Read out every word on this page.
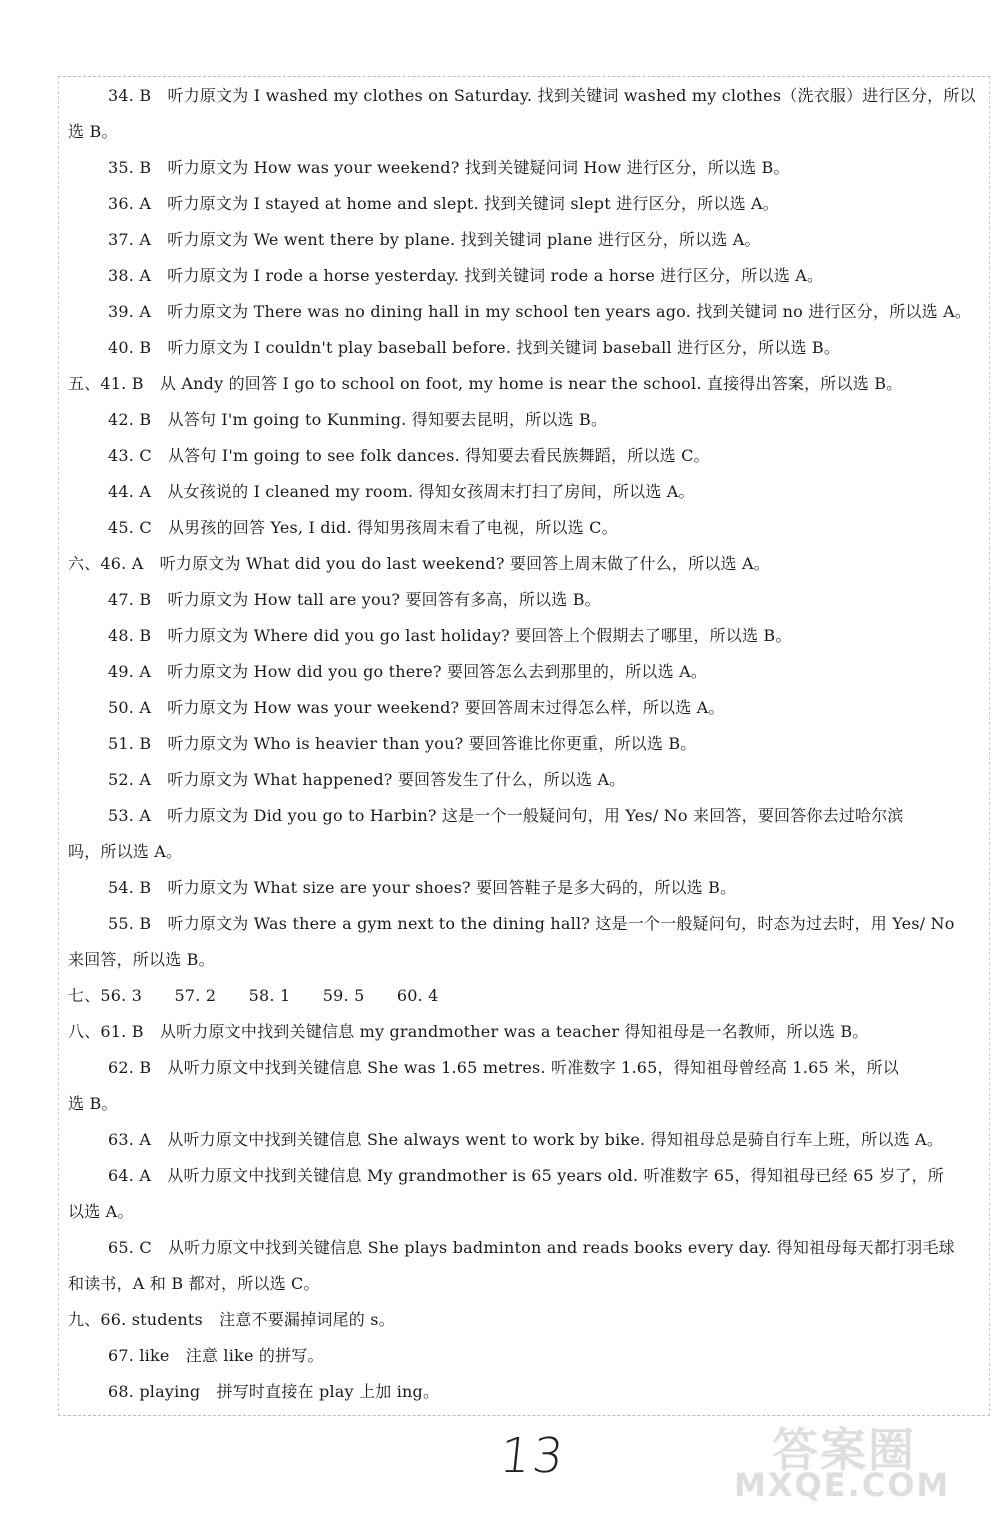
34. B　听力原文为 I washed my clothes on Saturday. 找到关键词 washed my clothes（洗衣服）进行区分，所以
选 B。
35. B　听力原文为 How was your weekend? 找到关键疑问词 How 进行区分，所以选 B。
36. A　听力原文为 I stayed at home and slept. 找到关键词 slept 进行区分，所以选 A。
37. A　听力原文为 We went there by plane. 找到关键词 plane 进行区分，所以选 A。
38. A　听力原文为 I rode a horse yesterday. 找到关键词 rode a horse 进行区分，所以选 A。
39. A　听力原文为 There was no dining hall in my school ten years ago. 找到关键词 no 进行区分，所以选 A。
40. B　听力原文为 I couldn't play baseball before. 找到关键词 baseball 进行区分，所以选 B。
五、41. B　从 Andy 的回答 I go to school on foot, my home is near the school. 直接得出答案，所以选 B。
42. B　从答句 I'm going to Kunming. 得知要去昆明，所以选 B。
43. C　从答句 I'm going to see folk dances. 得知要去看民族舞蹈，所以选 C。
44. A　从女孩说的 I cleaned my room. 得知女孩周末打扫了房间，所以选 A。
45. C　从男孩的回答 Yes, I did. 得知男孩周末看了电视，所以选 C。
六、46. A　听力原文为 What did you do last weekend? 要回答上周末做了什么，所以选 A。
47. B　听力原文为 How tall are you? 要回答有多高，所以选 B。
48. B　听力原文为 Where did you go last holiday? 要回答上个假期去了哪里，所以选 B。
49. A　听力原文为 How did you go there? 要回答怎么去到那里的，所以选 A。
50. A　听力原文为 How was your weekend? 要回答周末过得怎么样，所以选 A。
51. B　听力原文为 Who is heavier than you? 要回答谁比你更重，所以选 B。
52. A　听力原文为 What happened? 要回答发生了什么，所以选 A。
53. A　听力原文为 Did you go to Harbin? 这是一个一般疑问句，用 Yes/ No 来回答，要回答你去过哈尔滨
吗，所以选 A。
54. B　听力原文为 What size are your shoes? 要回答鞋子是多大码的，所以选 B。
55. B　听力原文为 Was there a gym next to the dining hall? 这是一个一般疑问句，时态为过去时，用 Yes/ No
来回答，所以选 B。
七、56. 3　　57. 2　　58. 1　　59. 5　　60. 4
八、61. B　从听力原文中找到关键信息 my grandmother was a teacher 得知祖母是一名教师，所以选 B。
62. B　从听力原文中找到关键信息 She was 1.65 metres. 听准数字 1.65，得知祖母曾经高 1.65 米，所以
选 B。
63. A　从听力原文中找到关键信息 She always went to work by bike. 得知祖母总是骑自行车上班，所以选 A。
64. A　从听力原文中找到关键信息 My grandmother is 65 years old. 听准数字 65，得知祖母已经 65 岁了，所
以选 A。
65. C　从听力原文中找到关键信息 She plays badminton and reads books every day. 得知祖母每天都打羽毛球
和读书，A 和 B 都对，所以选 C。
九、66. students　注意不要漏掉词尾的 s。
67. like　注意 like 的拼写。
68. playing　拼写时直接在 play 上加 ing。
13	答案圈
MXQE.COM
